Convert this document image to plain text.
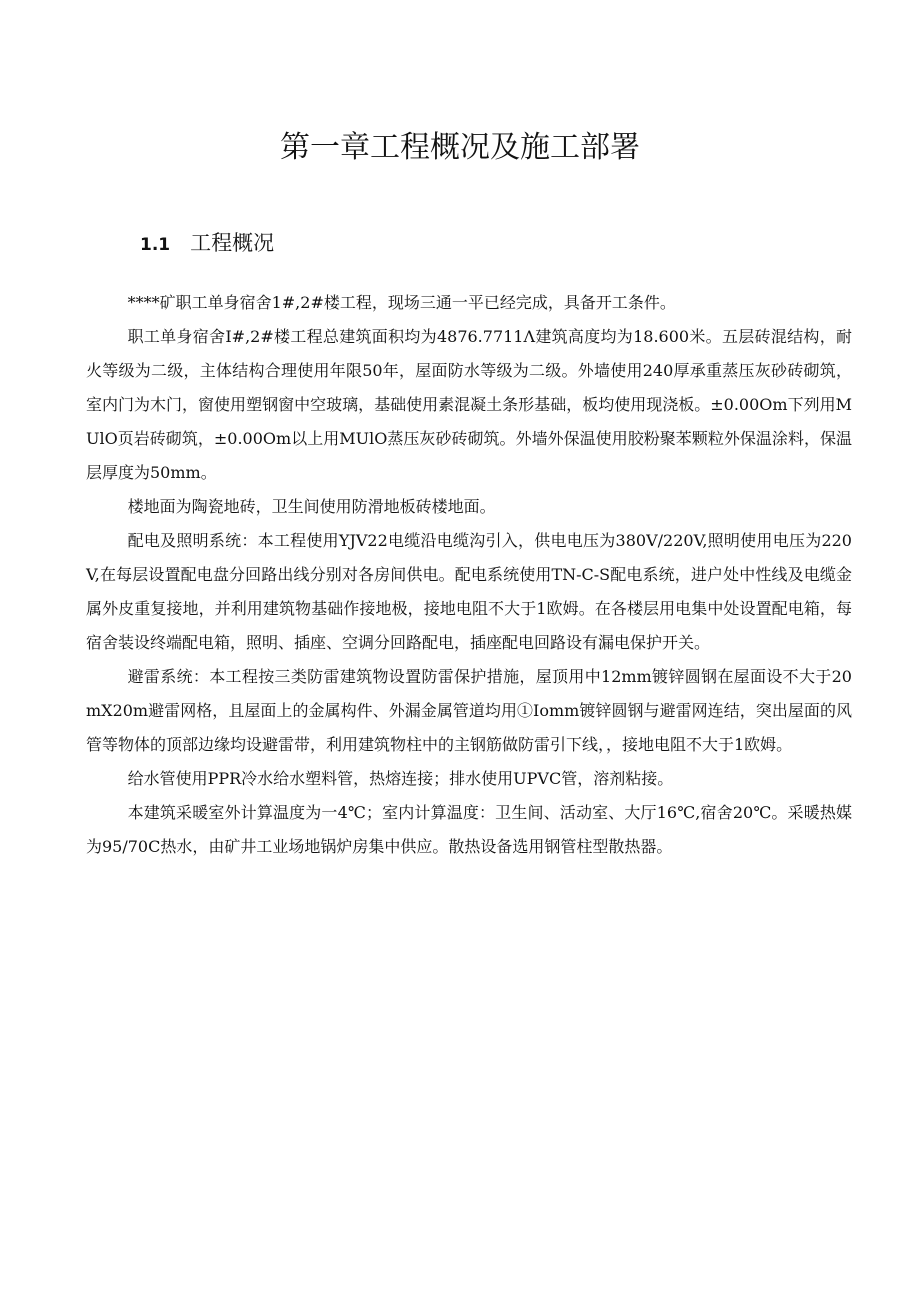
第一章工程概况及施工部署
1.1 工程概况

****矿职工单身宿舍1#,2#楼工程，现场三通一平已经完成，具备开工条件。

职工单身宿舍I#,2#楼工程总建筑面积均为4876.7711Λ建筑高度均为18.600米。五层砖混结构，耐火等级为二级，主体结构合理使用年限50年，屋面防水等级为二级。外墙使用240厚承重蒸压灰砂砖砌筑，室内门为木门，窗使用塑钢窗中空玻璃，基础使用素混凝土条形基础，板均使用现浇板。±0.00Om下列用MUlO页岩砖砌筑，±0.00Om以上用MUlO蒸压灰砂砖砌筑。外墙外保温使用胶粉聚苯颗粒外保温涂料，保温层厚度为50mm。

楼地面为陶瓷地砖，卫生间使用防滑地板砖楼地面。

配电及照明系统：本工程使用YJV22电缆沿电缆沟引入，供电电压为380V/220V,照明使用电压为220V,在每层设置配电盘分回路出线分别对各房间供电。配电系统使用TN-C-S配电系统，进户处中性线及电缆金属外皮重复接地，并利用建筑物基础作接地极，接地电阻不大于1欧姆。在各楼层用电集中处设置配电箱，每宿舍装设终端配电箱，照明、插座、空调分回路配电，插座配电回路设有漏电保护开关。

避雷系统：本工程按三类防雷建筑物设置防雷保护措施，屋顶用中12mm镀锌圆钢在屋面设不大于20mX20m避雷网格，且屋面上的金属构件、外漏金属管道均用①Iomm镀锌圆钢与避雷网连结，突出屋面的风管等物体的顶部边缘均设避雷带，利用建筑物柱中的主钢筋做防雷引下线，，接地电阻不大于1欧姆。

给水管使用PPR冷水给水塑料管，热熔连接；排水使用UPVC管，溶剂粘接。

本建筑采暖室外计算温度为一4℃；室内计算温度：卫生间、活动室、大厅16℃,宿舍20℃。采暖热媒为95/70C热水，由矿井工业场地锅炉房集中供应。散热设备选用钢管柱型散热器。
